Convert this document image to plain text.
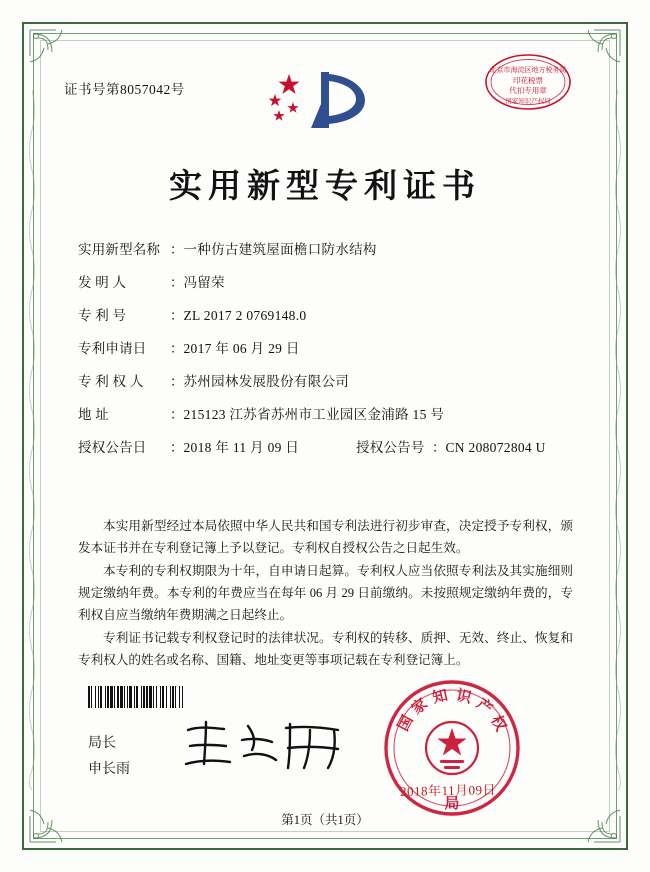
证书号第8057042号
北京市海淀区地方税务局
印花税票
代扣专用章
国家知识产权局
实用新型专利证书
实用新型名称 ： 一种仿古建筑屋面檐口防水结构
发 明 人	： 冯留荣
专 利 号	： ZL 2017 2 0769148.0
专利申请日	： 2017 年 06 月 29 日
专 利 权 人	： 苏州园林发展股份有限公司
地 址	： 215123 江苏省苏州市工业园区金浦路 15 号
授权公告日	： 2018 年 11 月 09 日	授权公告号 ： CN 208072804 U

本实用新型经过本局依照中华人民共和国专利法进行初步审查，决定授予专利权，颁发本证书并在专利登记簿上予以登记。专利权自授权公告之日起生效。

本专利的专利权期限为十年，自申请日起算。专利权人应当依照专利法及其实施细则规定缴纳年费。本专利的年费应当在每年 06 月 29 日前缴纳。未按照规定缴纳年费的，专利权自应当缴纳年费期满之日起终止。

专利证书记载专利权登记时的法律状况。专利权的转移、质押、无效、终止、恢复和专利权人的姓名或名称、国籍、地址变更等事项记载在专利登记簿上。

局长
申长雨
国
家 知 识 产
权
局
2018年11月09日
第1页（共1页）
